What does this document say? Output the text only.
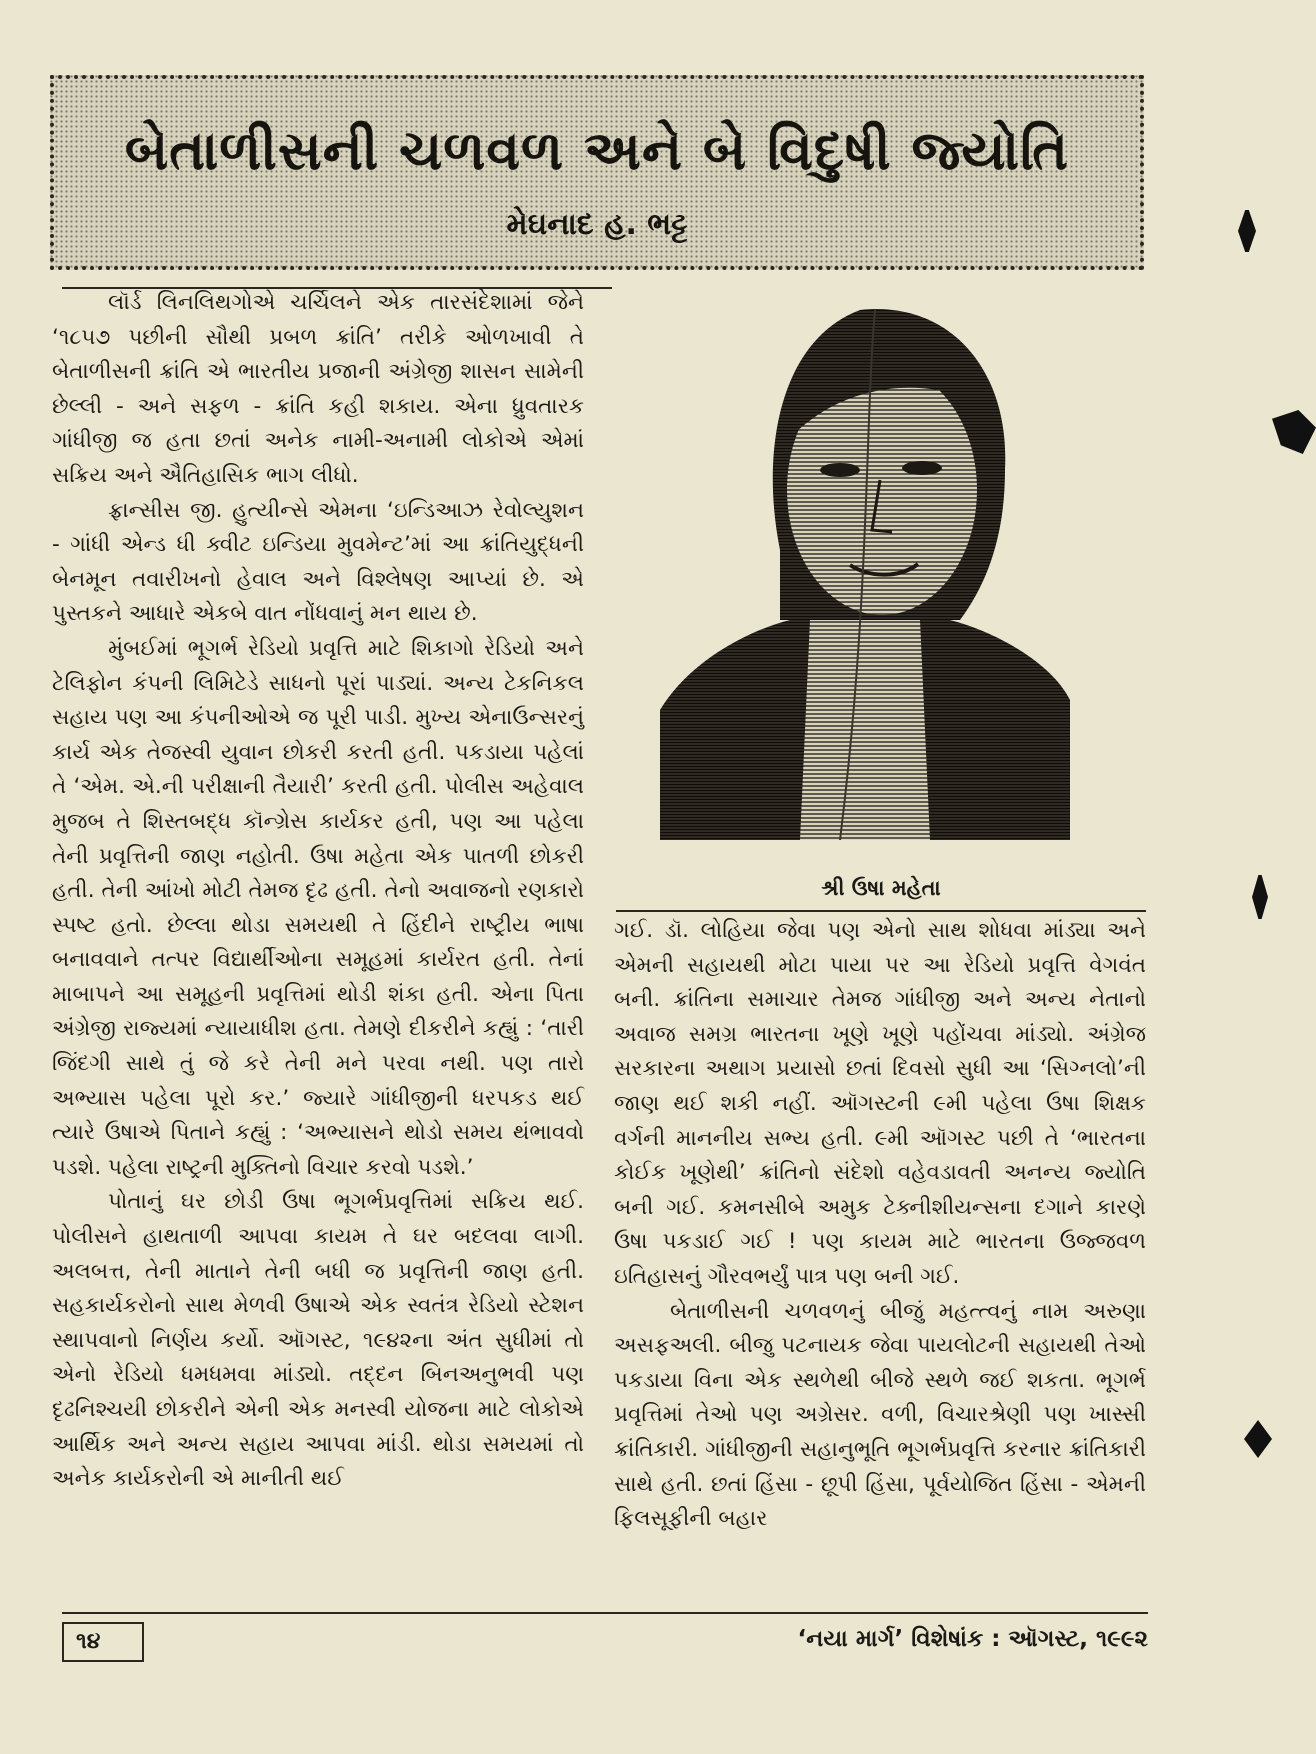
બેતાળીસની ચળવળ અને બે વિદુષી જ્યોતિ
મેઘનાદ હ. ભટ્ટ

લૉર્ડ લિનલિથગોએ ચર્ચિલને એક તારસંદેશામાં જેને ‘૧૮૫૭ પછીની સૌથી પ્રબળ ક્રાંતિ’ તરીકે ઓળખાવી તે બેતાળીસની ક્રાંતિ એ ભારતીય પ્રજાની અંગ્રેજી શાસન સામેની છેલ્લી - અને સફળ - ક્રાંતિ કહી શકાય. એના ધ્રુવતારક ગાંધીજી જ હતા છતાં અનેક નામી-અનામી લોકોએ એમાં સક્રિય અને ઐતિહાસિક ભાગ લીધો.

ફ્રાન્સીસ જી. હુત્યીન્સે એમના ‘ઇન્ડિઆઝ રેવોલ્યુશન - ગાંધી એન્ડ ધી ક્વીટ ઇન્ડિયા મુવમેન્ટ’માં આ ક્રાંતિયુદ્ધની બેનમૂન તવારીખનો હેવાલ અને વિશ્લેષણ આપ્યાં છે. એ પુસ્તકને આધારે એકબે વાત નોંધવાનું મન થાય છે.

મુંબઈમાં ભૂગર્ભ રેડિયો પ્રવૃત્તિ માટે શિકાગો રેડિયો અને ટેલિફોન કંપની લિમિટેડે સાધનો પૂરાં પાડ્યાં. અન્ય ટેકનિકલ સહાય પણ આ કંપનીઓએ જ પૂરી પાડી. મુખ્ય એનાઉન્સરનું કાર્ય એક તેજસ્વી યુવાન છોકરી કરતી હતી. પકડાયા પહેલાં તે ‘એમ. એ.ની પરીક્ષાની તૈયારી’ કરતી હતી. પોલીસ અહેવાલ મુજબ તે શિસ્તબદ્ધ કૉન્ગ્રેસ કાર્યકર હતી, પણ આ પહેલા તેની પ્રવૃત્તિની જાણ નહોતી. ઉષા મહેતા એક પાતળી છોકરી હતી. તેની આંખો મોટી તેમજ દૃઢ હતી. તેનો અવાજનો રણકારો સ્પષ્ટ હતો. છેલ્લા થોડા સમયથી તે હિંદીને રાષ્ટ્રીય ભાષા બનાવવાને તત્પર વિદ્યાર્થીઓના સમૂહમાં કાર્યરત હતી. તેનાં માબાપને આ સમૂહની પ્રવૃત્તિમાં થોડી શંકા હતી. એના પિતા અંગ્રેજી રાજ્યમાં ન્યાયાધીશ હતા. તેમણે દીકરીને કહ્યું : ‘તારી જિંદગી સાથે તું જે કરે તેની મને પરવા નથી. પણ તારો અભ્યાસ પહેલા પૂરો કર.’ જ્યારે ગાંધીજીની ધરપકડ થઈ ત્યારે ઉષાએ પિતાને કહ્યું : ‘અભ્યાસને થોડો સમય થંભાવવો પડશે. પહેલા રાષ્ટ્રની મુક્તિનો વિચાર કરવો પડશે.’

પોતાનું ઘર છોડી ઉષા ભૂગર્ભપ્રવૃત્તિમાં સક્રિય થઈ. પોલીસને હાથતાળી આપવા કાયમ તે ઘર બદલવા લાગી. અલબત્ત, તેની માતાને તેની બધી જ પ્રવૃત્તિની જાણ હતી. સહકાર્યકરોનો સાથ મેળવી ઉષાએ એક સ્વતંત્ર રેડિયો સ્ટેશન સ્થાપવાનો નિર્ણય કર્યો. ઑગસ્ટ, ૧૯૪૨ના અંત સુધીમાં તો એનો રેડિયો ધમધમવા માંડ્યો. તદ્દન બિનઅનુભવી પણ દૃઢનિશ્ચયી છોકરીને એની એક મનસ્વી યોજના માટે લોકોએ આર્થિક અને અન્ય સહાય આપવા માંડી. થોડા સમયમાં તો અનેક કાર્યકરોની એ માનીતી થઈ

શ્રી ઉષા મહેતા

ગઈ. ડૉ. લોહિયા જેવા પણ એનો સાથ શોધવા માંડ્યા અને એમની સહાયથી મોટા પાયા પર આ રેડિયો પ્રવૃત્તિ વેગવંત બની. ક્રાંતિના સમાચાર તેમજ ગાંધીજી અને અન્ય નેતાનો અવાજ સમગ્ર ભારતના ખૂણે ખૂણે પહોંચવા માંડ્યો. અંગ્રેજ સરકારના અથાગ પ્રયાસો છતાં દિવસો સુધી આ ‘સિગ્નલો’ની જાણ થઈ શકી નહીં. ઑગસ્ટની ૯મી પહેલા ઉષા શિક્ષક વર્ગની માનનીય સભ્ય હતી. ૯મી ઑગસ્ટ પછી તે ‘ભારતના કોઈક ખૂણેથી’ ક્રાંતિનો સંદેશો વહેવડાવતી અનન્ય જ્યોતિ બની ગઈ. કમનસીબે અમુક ટેક્નીશીયન્સના દગાને કારણે ઉષા પકડાઈ ગઈ ! પણ કાયમ માટે ભારતના ઉજ્જવળ ઇતિહાસનું ગૌરવભર્યું પાત્ર પણ બની ગઈ.

બેતાળીસની ચળવળનું બીજું મહત્ત્વનું નામ અરુણા અસફઅલી. બીજુ પટનાયક જેવા પાયલોટની સહાયથી તેઓ પકડાયા વિના એક સ્થળેથી બીજે સ્થળે જઈ શકતા. ભૂગર્ભ પ્રવૃત્તિમાં તેઓ પણ અગ્રેસર. વળી, વિચારશ્રેણી પણ ખાસ્સી ક્રાંતિકારી. ગાંધીજીની સહાનુભૂતિ ભૂગર્ભપ્રવૃત્તિ કરનાર ક્રાંતિકારી સાથે હતી. છતાં હિંસા - છૂપી હિંસા, પૂર્વયોજિત હિંસા - એમની ફિલસૂફીની બહાર

૧૪	‘નયા માર્ગ’ વિશેષાંક : ઑગસ્ટ, ૧૯૯૨
